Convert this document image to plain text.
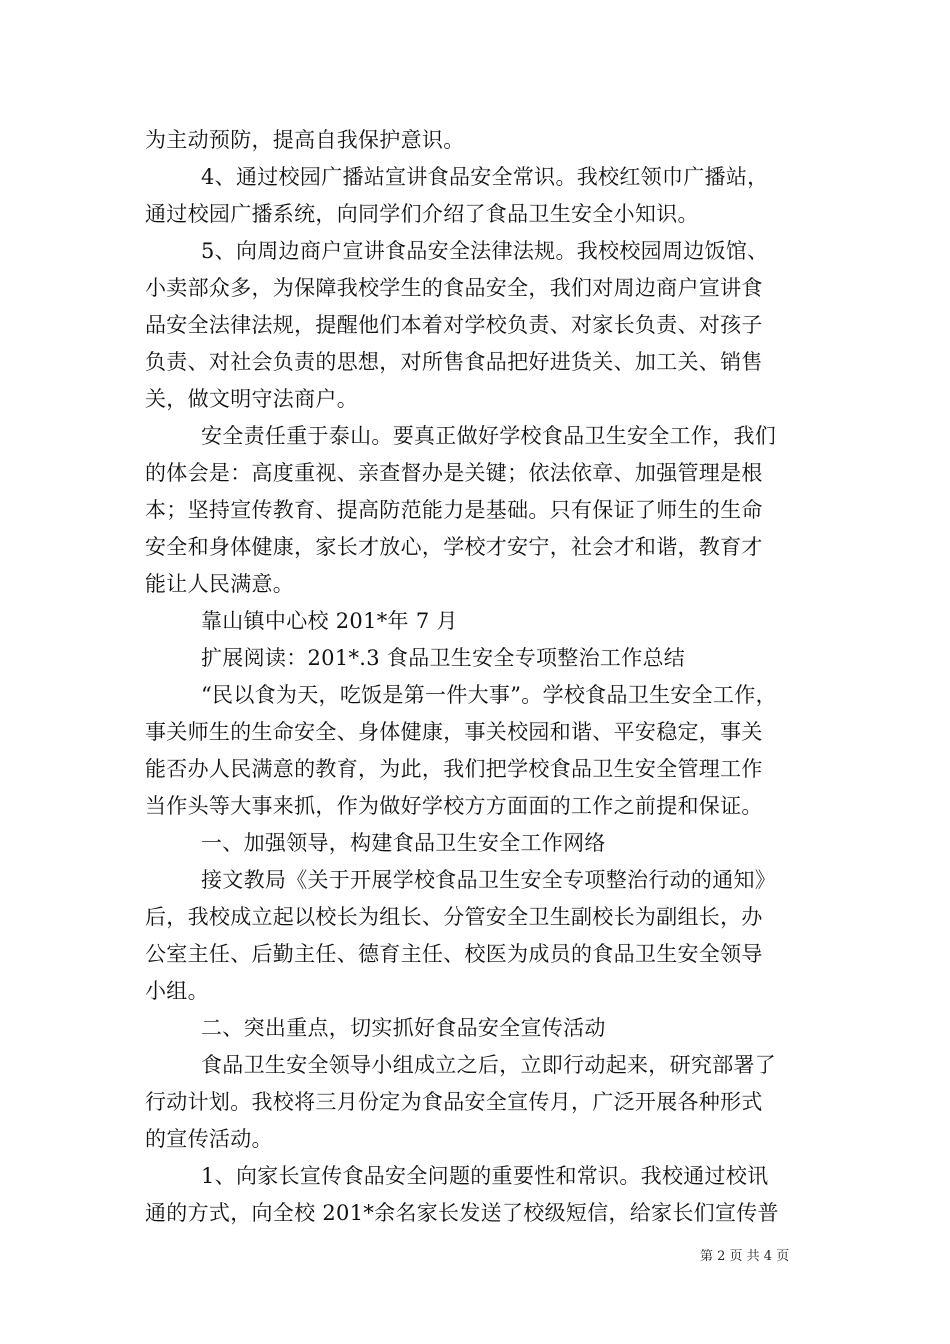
为主动预防，提高自我保护意识。
4、通过校园广播站宣讲食品安全常识。我校红领巾广播站，
通过校园广播系统，向同学们介绍了食品卫生安全小知识。
5、向周边商户宣讲食品安全法律法规。我校校园周边饭馆、
小卖部众多，为保障我校学生的食品安全，我们对周边商户宣讲食
品安全法律法规，提醒他们本着对学校负责、对家长负责、对孩子
负责、对社会负责的思想，对所售食品把好进货关、加工关、销售
关，做文明守法商户。
安全责任重于泰山。要真正做好学校食品卫生安全工作，我们
的体会是：高度重视、亲查督办是关键；依法依章、加强管理是根
本；坚持宣传教育、提高防范能力是基础。只有保证了师生的生命
安全和身体健康，家长才放心，学校才安宁，社会才和谐，教育才
能让人民满意。
靠山镇中心校 201*年 7 月
扩展阅读：201*.3 食品卫生安全专项整治工作总结
“民以食为天，吃饭是第一件大事”。学校食品卫生安全工作，
事关师生的生命安全、身体健康，事关校园和谐、平安稳定，事关
能否办人民满意的教育，为此，我们把学校食品卫生安全管理工作
当作头等大事来抓，作为做好学校方方面面的工作之前提和保证。
一、加强领导，构建食品卫生安全工作网络
接文教局《关于开展学校食品卫生安全专项整治行动的通知》
后，我校成立起以校长为组长、分管安全卫生副校长为副组长，办
公室主任、后勤主任、德育主任、校医为成员的食品卫生安全领导
小组。
二、突出重点，切实抓好食品安全宣传活动
食品卫生安全领导小组成立之后，立即行动起来，研究部署了
行动计划。我校将三月份定为食品安全宣传月，广泛开展各种形式
的宣传活动。
1、向家长宣传食品安全问题的重要性和常识。我校通过校讯
通的方式，向全校 201*余名家长发送了校级短信，给家长们宣传普
第 2 页 共 4 页
